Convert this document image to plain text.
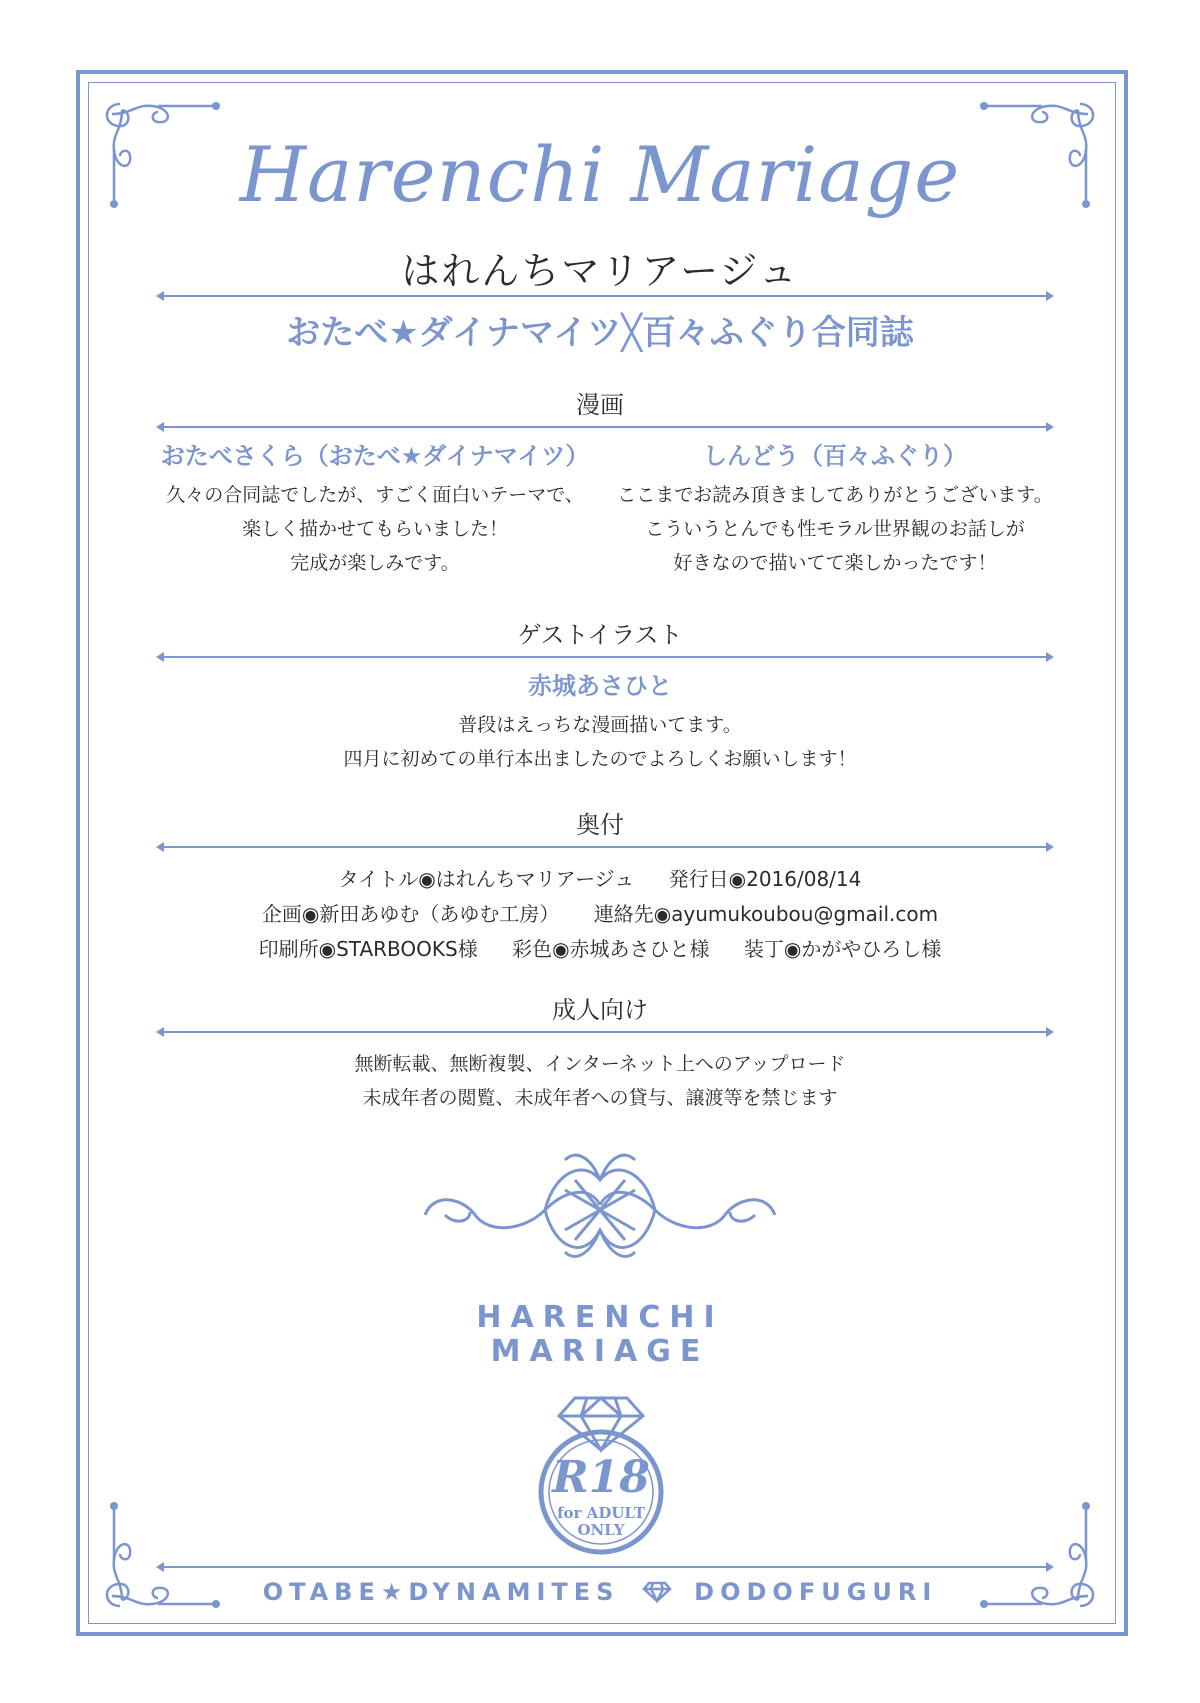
Harenchi Mariage
はれんちマリアージュ
おたべ★ダイナマイツ╳百々ふぐり合同誌
漫画
おたべさくら（おたべ★ダイナマイツ）
久々の合同誌でしたが、すごく面白いテーマで、
楽しく描かせてもらいました！
完成が楽しみです。
しんどう（百々ふぐり）
ここまでお読み頂きましてありがとうございます。
こういうとんでも性モラル世界観のお話しが
好きなので描いてて楽しかったです！
ゲストイラスト
赤城あさひと
普段はえっちな漫画描いてます。
四月に初めての単行本出ましたのでよろしくお願いします！
奥付
タイトル◉はれんちマリアージュ 発行日◉2016/08/14
企画◉新田あゆむ（あゆむ工房） 連絡先◉ayumukoubou@gmail.com
印刷所◉STARBOOKS様 彩色◉赤城あさひと様 装丁◉かがやひろし様
成人向け
無断転載、無断複製、インターネット上へのアップロード
未成年者の閲覧、未成年者への貸与、譲渡等を禁じます
HARENCHI
MARIAGE
R18
for ADULT
ONLY
OTABE★DYNAMITES	DODOFUGURI
